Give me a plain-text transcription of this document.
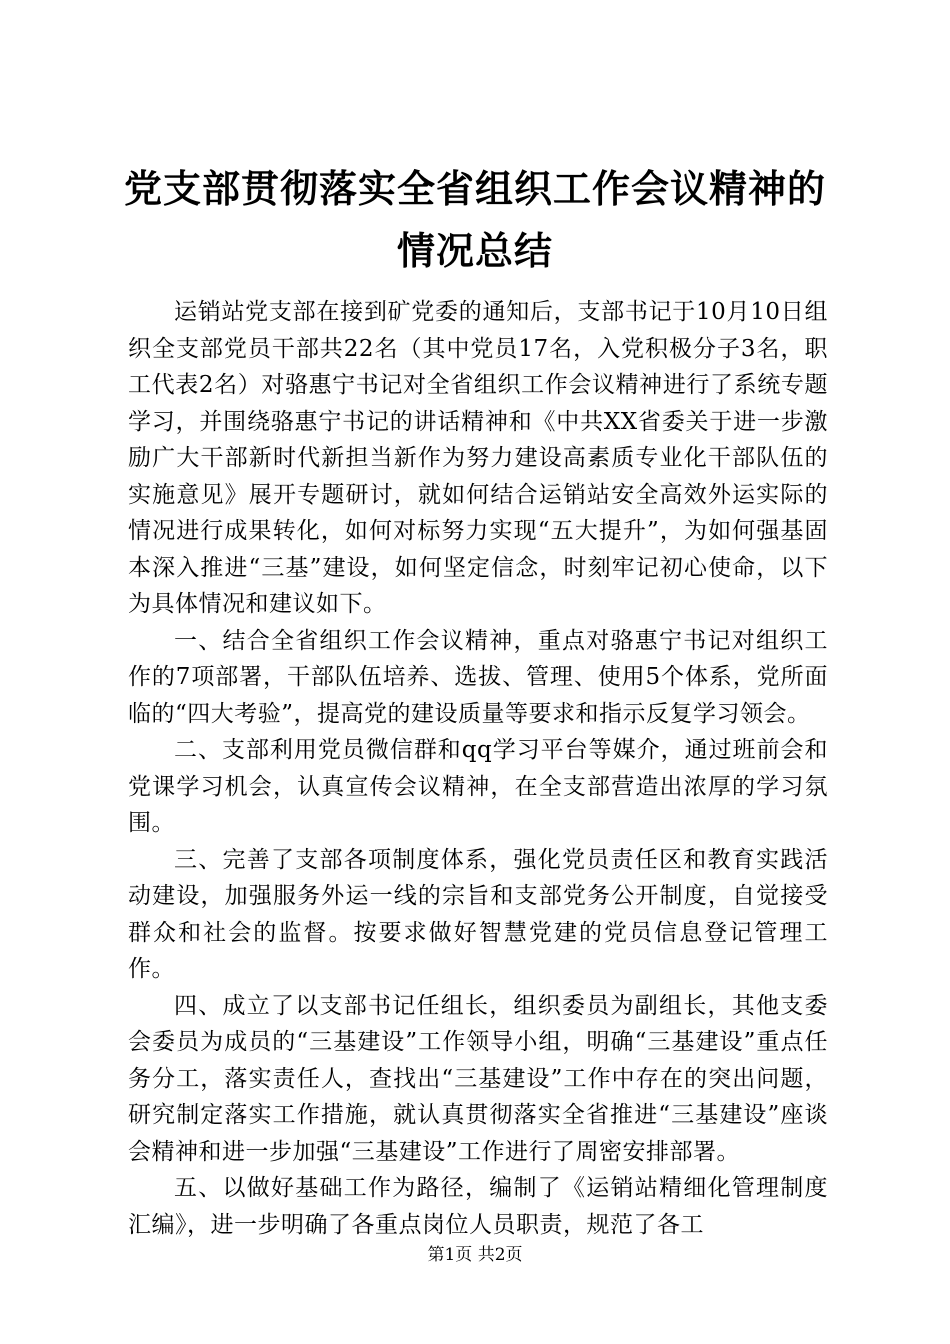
党支部贯彻落实全省组织工作会议精神的情况总结

运销站党支部在接到矿党委的通知后，支部书记于10月10日组织全支部党员干部共22名（其中党员17名，入党积极分子3名，职工代表2名）对骆惠宁书记对全省组织工作会议精神进行了系统专题学习，并围绕骆惠宁书记的讲话精神和《中共XX省委关于进一步激励广大干部新时代新担当新作为努力建设高素质专业化干部队伍的实施意见》展开专题研讨，就如何结合运销站安全高效外运实际的情况进行成果转化，如何对标努力实现“五大提升”，为如何强基固本深入推进“三基”建设，如何坚定信念，时刻牢记初心使命，以下为具体情况和建议如下。

一、结合全省组织工作会议精神，重点对骆惠宁书记对组织工作的7项部署，干部队伍培养、选拔、管理、使用5个体系，党所面临的“四大考验”，提高党的建设质量等要求和指示反复学习领会。

二、支部利用党员微信群和qq学习平台等媒介，通过班前会和党课学习机会，认真宣传会议精神，在全支部营造出浓厚的学习氛围。

三、完善了支部各项制度体系，强化党员责任区和教育实践活动建设，加强服务外运一线的宗旨和支部党务公开制度，自觉接受群众和社会的监督。按要求做好智慧党建的党员信息登记管理工作。

四、成立了以支部书记任组长，组织委员为副组长，其他支委会委员为成员的“三基建设”工作领导小组，明确“三基建设”重点任务分工，落实责任人，查找出“三基建设”工作中存在的突出问题，研究制定落实工作措施，就认真贯彻落实全省推进“三基建设”座谈会精神和进一步加强“三基建设”工作进行了周密安排部署。

五、以做好基础工作为路径，编制了《运销站精细化管理制度汇编》，进一步明确了各重点岗位人员职责，规范了各工

第1页 共2页
